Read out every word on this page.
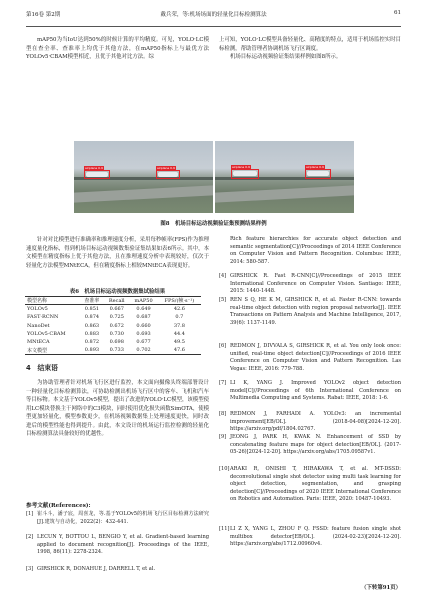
第16卷 第2期	戴兵荣，等:机场场面的轻量化目标检测算法	61

mAP50为当IoU达到50%的时候计算的平均精度。可见，YOLO·LC模型在查全率、查准率上均优于其他方法，在mAP50指标上与最优方法YOLOv5·CBAM模型相近，且优于其他对比方法。综

上可知，YOLO·LC模型具备轻量化、高精度的特点，适用于机场监控实时目标检测，帮助管理者协调机场飞行区调度。

机场目标运动视频验证集结果样例如图8所示。

airplane 0.9	airplane 0.9	airplane 0.9	airplane 0.9
图8　机场目标运动视频验证集预测结果样例

针对对比模型进行准确率和推理速度分析，采用每秒帧率(FPS)作为推理速度量化指标，得到机场目标运动视频数集验证集结果如表6所示。其中，本文模型在精度指标上优于其他方法，且在推理速度分析中表现较好，仅次于轻量化方法模型MNtECA，但在精度指标上相较MNtECA表现更好。

表6　机场目标运动视频数据集试验结果
模型名称	查准率	Recall	mAP50	FPS/(帧·s⁻¹)
YOLOv5	0.851	0.667	0.649	42.6
FAST·RCNN	0.874	0.725	0.687	0.7
NanoDet	0.863	0.672	0.660	37.8
YOLOv5·CBAM	0.883	0.730	0.693	44.4
MNtECA	0.872	0.698	0.677	49.5
本文模型	0.893	0.733	0.702	47.6
4　结束语

为协助管理者针对机场飞行区进行监控，本文面向摄像头终端部署设计一种轻量化目标检测算法，可协助检测出机场飞行区中的客车、飞机和汽车等目标物。本文基于YOLOv5模型，提出了改进的YOLO·LC模型，该模型使用LC模块替换主干网络中的C3模块，同时使用优化损失函数SimOTA，使模型更加轻量化，模型参数更少，在机场视频数据集上处理速度更快，同时改进后的模型性能也得到提升。由此，本文设计的机场运行监控检测的轻量化目标检测算法具备较好的优越性。

参考文献(References):
[1] 崔斗斗，潘子宸，周喜龙，等.基于YOLOv5的机场飞行区目标检测方法研究[J].建筑与自动化，2022(2)：432-441.
[2] LECUN Y, BOTTOU L, BENGIO Y, et al. Gradient-based learning applied to document recognition[J]. Proceedings of the IEEE, 1998, 86(11): 2278-2324.
[3] GIRSHICK R, DONAHUE J, DARRELL T, et al.
Rich feature hierarchies for accurate object detection and semantic segmentation[C]//Proceedings of 2014 IEEE Conference on Computer Vision and Pattern Recognition. Columbus: IEEE, 2014: 580-587.
[4] GIRSHICK R. Fast R-CNN[C]//Proceedings of 2015 IEEE International Conference on Computer Vision. Santiago: IEEE, 2015: 1440-1448.
[5] REN S Q, HE K M, GIRSHICK R, et al. Faster R-CNN: towards real-time object detection with region proposal networks[J]. IEEE Transactions on Pattern Analysis and Machine Intelligence, 2017, 39(6): 1137-1149.
[6] REDMON J, DIVVALA S, GIRSHICK R, et al. You only look once: unified, real-time object detection[C]//Proceedings of 2016 IEEE Conference on Computer Vision and Pattern Recognition. Las Vegas: IEEE, 2016: 779-788.
[7] LI K, YANG J. Improved YOLOv2 object detection model[C]//Proceedings of 6th International Conference on Multimedia Computing and Systems. Rabat: IEEE, 2018: 1-6.
[8] REDMON J, FARHADI A. YOLOv3: an incremental improvement[EB/OL]. (2018-04-08)[2024-12-20]. https://arxiv.org/pdf/1804.02767.
[9] JEONG J, PARK H, KWAK N. Enhancement of SSD by concatenating feature maps for object detection[EB/OL]. (2017-05-26)[2024-12-20]. https://arxiv.org/abs/1705.09587v1.
[10] ARAKI R, ONISHI T, HIRAKAWA T, et al. MT-DSSD: deconvolutional single shot detector using multi task learning for object detection, segmentation, and grasping detection[C]//Proceedings of 2020 IEEE International Conference on Robotics and Automation. Paris: IEEE, 2020: 10487-10493.
[11] LI Z X, YANG L, ZHOU F Q. FSSD: feature fusion single shot multibox detector[EB/OL]. (2024-02-23)[2024-12-20]. https://arxiv.org/abs/1712.00960v4.
（下转第91页）
